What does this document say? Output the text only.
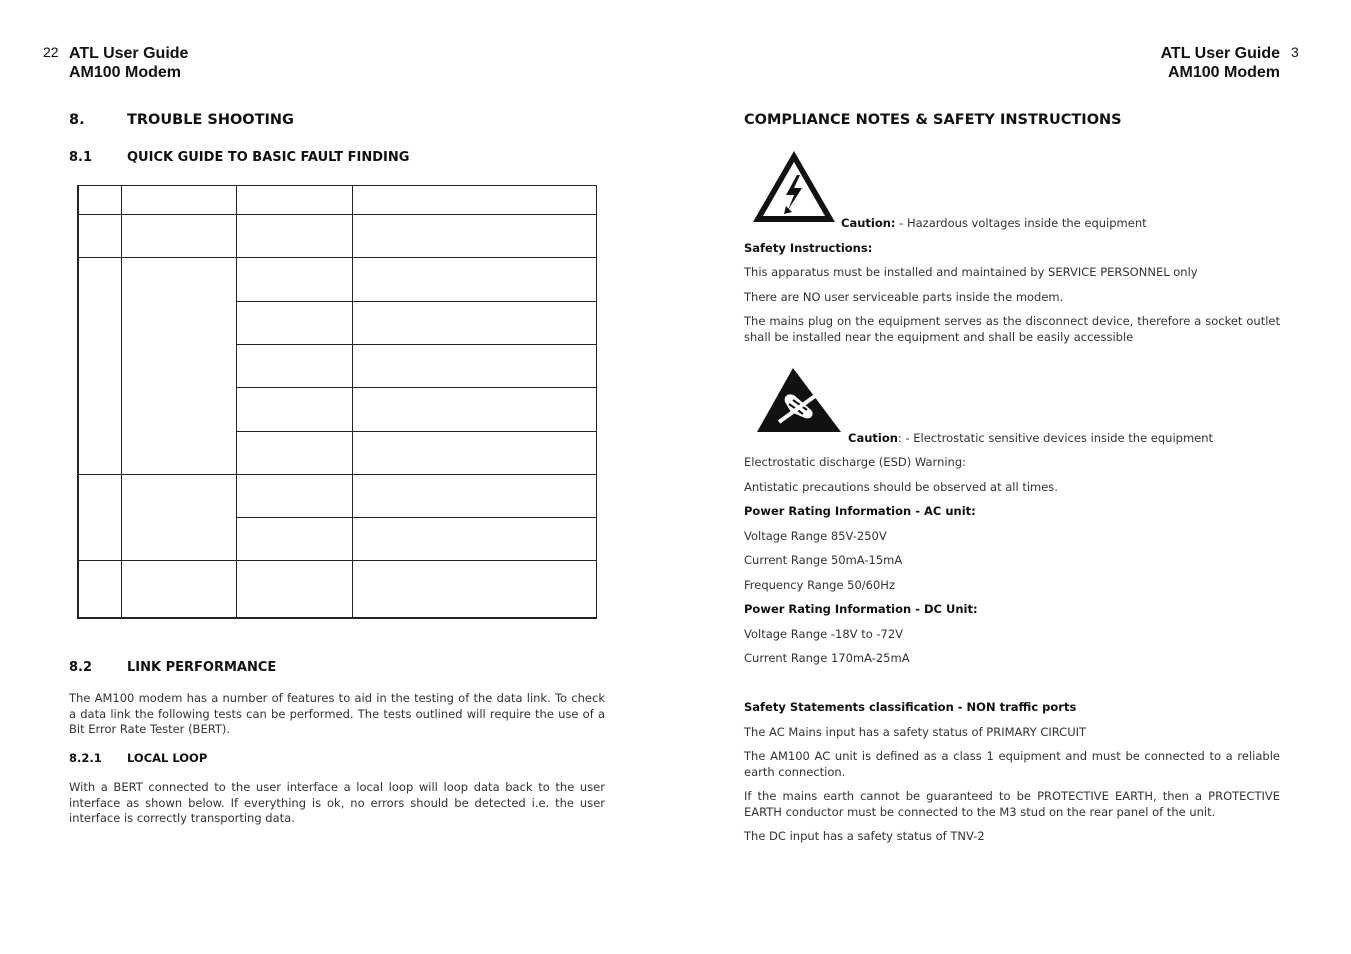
22 ATL User Guide
AM100 Modem
8.	TROUBLE SHOOTING
8.1	QUICK GUIDE TO BASIC FAULT FINDING
8.2	LINK PERFORMANCE
The AM100 modem has a number of features to aid in the testing of the data link. To check a data link the following tests can be performed. The tests outlined will require the use of a Bit Error Rate Tester (BERT).
8.2.1 LOCAL LOOP
With a BERT connected to the user interface a local loop will loop data back to the user interface as shown below. If everything is ok, no errors should be detected i.e. the user interface is correctly transporting data.
ATL User Guide
AM100 Modem
3
COMPLIANCE NOTES & SAFETY INSTRUCTIONS
Caution: - Hazardous voltages inside the equipment
Safety Instructions:
This apparatus must be installed and maintained by SERVICE PERSONNEL only
There are NO user serviceable parts inside the modem.
The mains plug on the equipment serves as the disconnect device, therefore a socket outlet shall be installed near the equipment and shall be easily accessible
Caution: - Electrostatic sensitive devices inside the equipment
Electrostatic discharge (ESD) Warning:
Antistatic precautions should be observed at all times.
Power Rating Information - AC unit:
Voltage Range 85V-250V
Current Range 50mA-15mA
Frequency Range 50/60Hz
Power Rating Information - DC Unit:
Voltage Range -18V to -72V
Current Range 170mA-25mA
Safety Statements classification - NON traffic ports
The AC Mains input has a safety status of PRIMARY CIRCUIT
The AM100 AC unit is defined as a class 1 equipment and must be connected to a reliable earth connection.
If the mains earth cannot be guaranteed to be PROTECTIVE EARTH, then a PROTECTIVE EARTH conductor must be connected to the M3 stud on the rear panel of the unit.
The DC input has a safety status of TNV-2
